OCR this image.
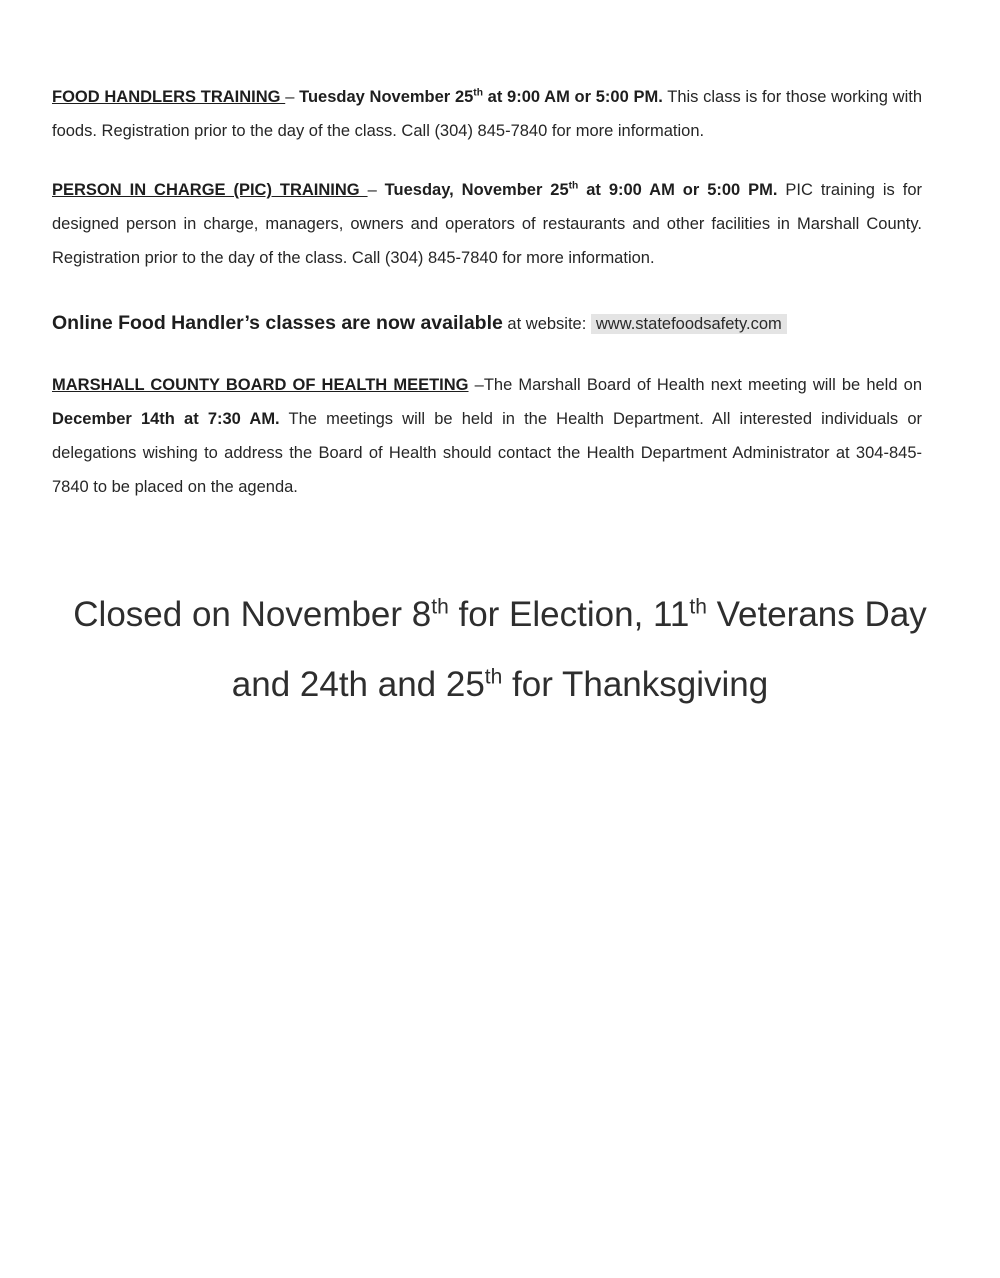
FOOD HANDLERS TRAINING – Tuesday November 25th at 9:00 AM or 5:00 PM. This class is for those working with foods. Registration prior to the day of the class. Call (304) 845-7840 for more information.
PERSON IN CHARGE (PIC) TRAINING – Tuesday, November 25th at 9:00 AM or 5:00 PM. PIC training is for designed person in charge, managers, owners and operators of restaurants and other facilities in Marshall County. Registration prior to the day of the class. Call (304) 845-7840 for more information.
Online Food Handler’s classes are now available at website: www.statefoodsafety.com
MARSHALL COUNTY BOARD OF HEALTH MEETING –The Marshall Board of Health next meeting will be held on December 14th at 7:30 AM. The meetings will be held in the Health Department. All interested individuals or delegations wishing to address the Board of Health should contact the Health Department Administrator at 304-845-7840 to be placed on the agenda.
Closed on November 8th for Election, 11th Veterans Day
and 24th and 25th for Thanksgiving
